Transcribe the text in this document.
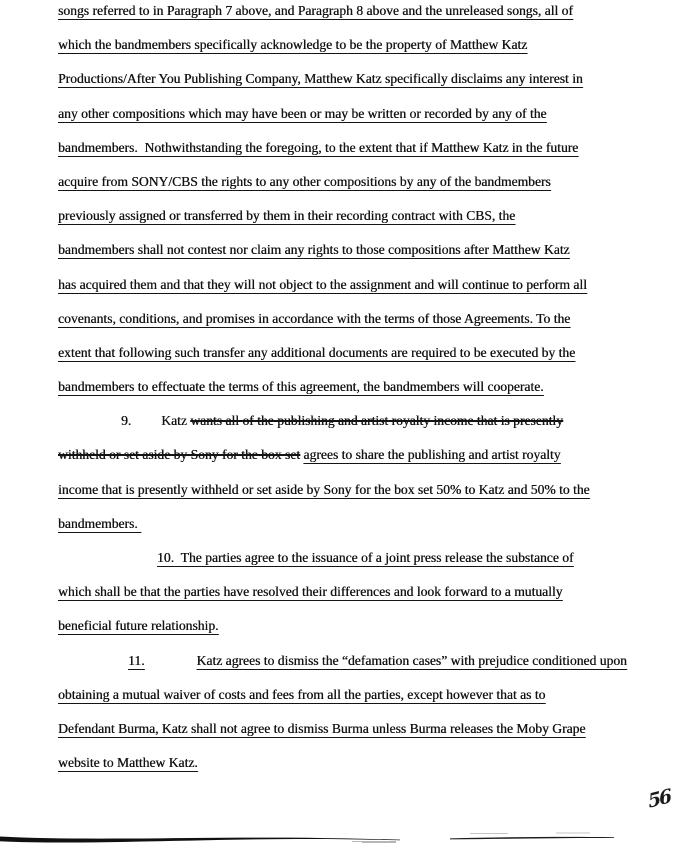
songs referred to in Paragraph 7 above, and Paragraph 8 above and the unreleased songs, all of
which the bandmembers specifically acknowledge to be the property of Matthew Katz
Productions/After You Publishing Company, Matthew Katz specifically disclaims any interest in
any other compositions which may have been or may be written or recorded by any of the
bandmembers.  Nothwithstanding the foregoing, to the extent that if Matthew Katz in the future
acquire from SONY/CBS the rights to any other compositions by any of the bandmembers
previously assigned or transferred by them in their recording contract with CBS, the
bandmembers shall not contest nor claim any rights to those compositions after Matthew Katz
has acquired them and that they will not object to the assignment and will continue to perform all
covenants, conditions, and promises in accordance with the terms of those Agreements. To the
extent that following such transfer any additional documents are required to be executed by the
bandmembers to effectuate the terms of this agreement, the bandmembers will cooperate.
9. Katz wants all of the publishing and artist royalty income that is presently
withheld or set aside by Sony for the box set agrees to share the publishing and artist royalty
income that is presently withheld or set aside by Sony for the box set 50% to Katz and 50% to the
bandmembers.
10.  The parties agree to the issuance of a joint press release the substance of
which shall be that the parties have resolved their differences and look forward to a mutually
beneficial future relationship.
11.	Katz agrees to dismiss the “defamation cases” with prejudice conditioned upon
obtaining a mutual waiver of costs and fees from all the parties, except however that as to
Defendant Burma, Katz shall not agree to dismiss Burma unless Burma releases the Moby Grape
website to Matthew Katz.
56
